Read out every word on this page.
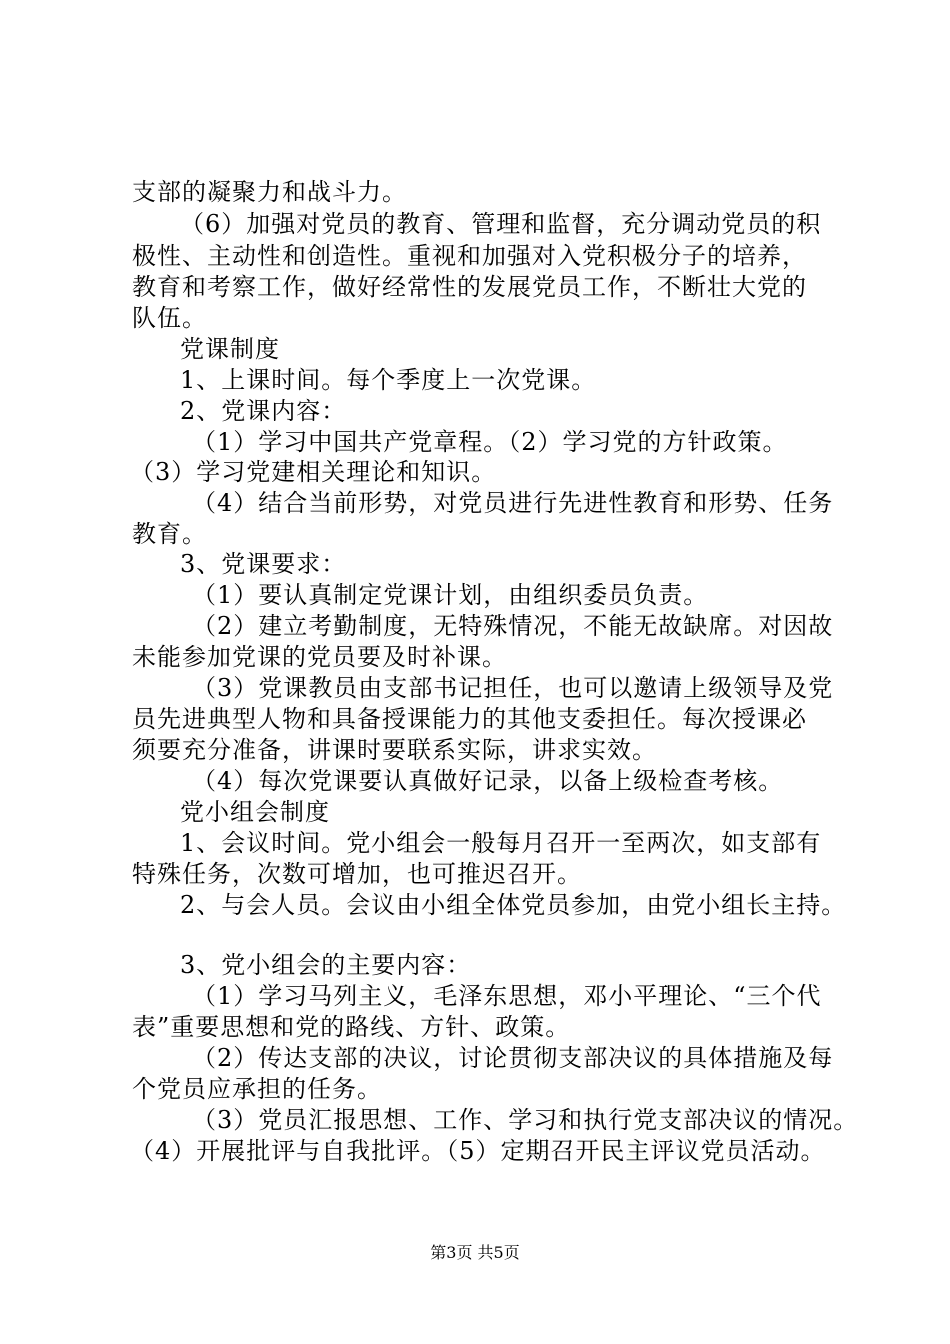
支部的凝聚力和战斗力。
（6）加强对党员的教育、管理和监督，充分调动党员的积
极性、主动性和创造性。重视和加强对入党积极分子的培养，
教育和考察工作，做好经常性的发展党员工作，不断壮大党的
队伍。
党课制度
1、上课时间。每个季度上一次党课。
2、党课内容：
（1）学习中国共产党章程。（2）学习党的方针政策。
（3）学习党建相关理论和知识。
（4）结合当前形势，对党员进行先进性教育和形势、任务
教育。
3、党课要求：
（1）要认真制定党课计划，由组织委员负责。
（2）建立考勤制度，无特殊情况，不能无故缺席。对因故
未能参加党课的党员要及时补课。
（3）党课教员由支部书记担任，也可以邀请上级领导及党
员先进典型人物和具备授课能力的其他支委担任。每次授课必
须要充分准备，讲课时要联系实际，讲求实效。
（4）每次党课要认真做好记录，以备上级检查考核。
党小组会制度
1、会议时间。党小组会一般每月召开一至两次，如支部有
特殊任务，次数可增加，也可推迟召开。
2、与会人员。会议由小组全体党员参加，由党小组长主持。
3、党小组会的主要内容：
（1）学习马列主义，毛泽东思想，邓小平理论、“三个代
表”重要思想和党的路线、方针、政策。
（2）传达支部的决议，讨论贯彻支部决议的具体措施及每
个党员应承担的任务。
（3）党员汇报思想、工作、学习和执行党支部决议的情况。
（4）开展批评与自我批评。（5）定期召开民主评议党员活动。
第3页 共5页
